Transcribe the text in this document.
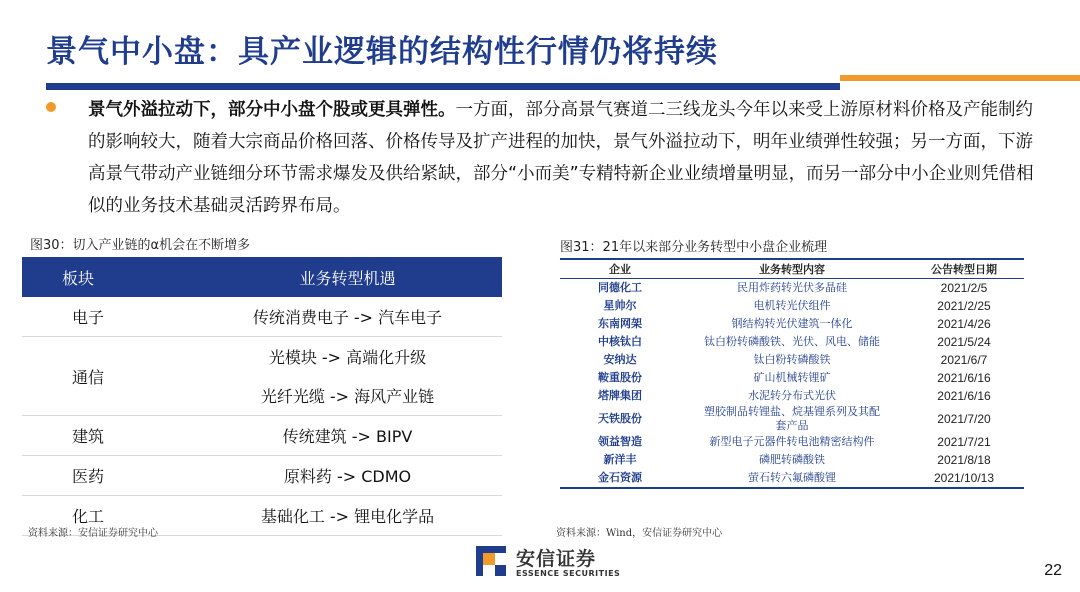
景气中小盘：具产业逻辑的结构性行情仍将持续
景气外溢拉动下，部分中小盘个股或更具弹性。一方面，部分高景气赛道二三线龙头今年以来受上游原材料价格及产能制约的影响较大，随着大宗商品价格回落、价格传导及扩产进程的加快，景气外溢拉动下，明年业绩弹性较强；另一方面，下游高景气带动产业链细分环节需求爆发及供给紧缺，部分“小而美”专精特新企业业绩增量明显，而另一部分中小企业则凭借相似的业务技术基础灵活跨界布局。
图30：切入产业链的α机会在不断增多	图31：21年以来部分业务转型中小盘企业梳理
板块	业务转型机遇
电子	传统消费电子 -> 汽车电子
通信	光模块 -> 高端化升级
	光纤光缆 -> 海风产业链
建筑	传统建筑 -> BIPV
医药	原料药 -> CDMO
化工	基础化工 -> 锂电化学品
企业	业务转型内容	公告转型日期
同德化工	民用炸药转光伏多晶硅	2021/2/5
星帅尔	电机转光伏组件	2021/2/25
东南网架	钢结构转光伏建筑一体化	2021/4/26
中核钛白	钛白粉转磷酸铁、光伏、风电、储能	2021/5/24
安纳达	钛白粉转磷酸铁	2021/6/7
鞍重股份	矿山机械转锂矿	2021/6/16
塔牌集团	水泥转分布式光伏	2021/6/16
天铁股份	塑胶制品转锂盐、烷基锂系列及其配套产品	2021/7/20
领益智造	新型电子元器件转电池精密结构件	2021/7/21
新洋丰	磷肥转磷酸铁	2021/8/18
金石资源	萤石转六氟磷酸锂	2021/10/13
资料来源：安信证券研究中心	资料来源：Wind，安信证券研究中心
安信证券
ESSENCE SECURITIES	22
